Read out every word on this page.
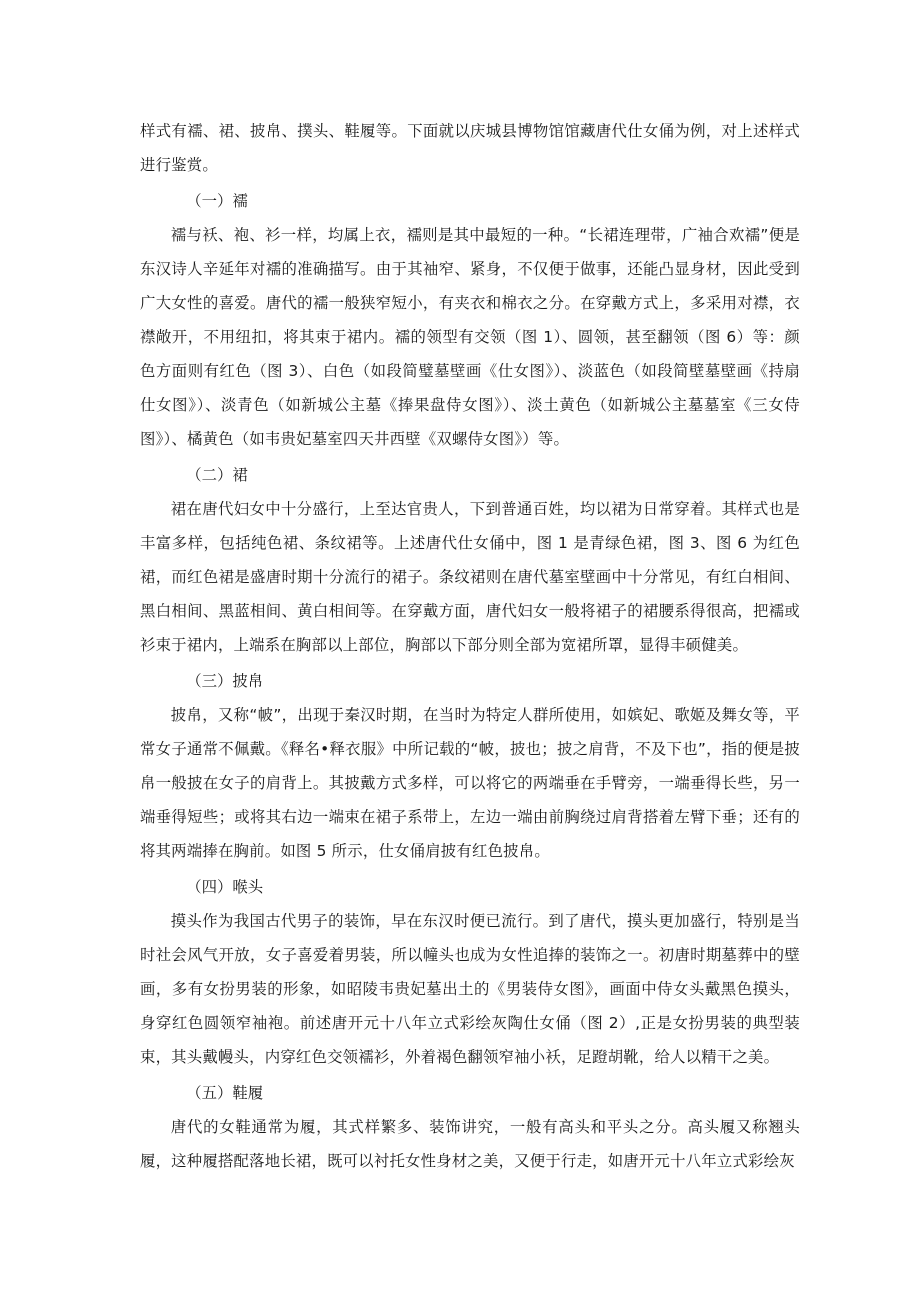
样式有襦、裙、披帛、撲头、鞋履等。下面就以庆城县博物馆馆藏唐代仕女俑为例，对上述样式进行鉴赏。

（一）襦

襦与袄、袍、衫一样，均属上衣，襦则是其中最短的一种。“长裙连理带，广袖合欢襦”便是东汉诗人辛延年对襦的准确描写。由于其袖窄、紧身，不仅便于做事，还能凸显身材，因此受到广大女性的喜爱。唐代的襦一般狭窄短小，有夹衣和棉衣之分。在穿戴方式上，多采用对襟，衣襟敞开，不用纽扣，将其束于裙内。襦的领型有交领（图 1）、圆领，甚至翻领（图 6）等：颜色方面则有红色（图 3）、白色（如段简璧墓壁画《仕女图》）、淡蓝色（如段简壁墓壁画《持扇仕女图》）、淡青色（如新城公主墓《捧果盘侍女图》）、淡土黄色（如新城公主墓墓室《三女侍图》）、橘黄色（如韦贵妃墓室四天井西壁《双螺侍女图》）等。

（二）裙

裙在唐代妇女中十分盛行，上至达官贵人，下到普通百姓，均以裙为日常穿着。其样式也是丰富多样，包括纯色裙、条纹裙等。上述唐代仕女俑中，图 1 是青绿色裙，图 3、图 6 为红色裙，而红色裙是盛唐时期十分流行的裙子。条纹裙则在唐代墓室壁画中十分常见，有红白相间、黑白相间、黑蓝相间、黄白相间等。在穿戴方面，唐代妇女一般将裙子的裙腰系得很高，把襦或衫束于裙内，上端系在胸部以上部位，胸部以下部分则全部为宽裙所罩，显得丰硕健美。

（三）披帛

披帛，又称“帔”，出现于秦汉时期，在当时为特定人群所使用，如嫔妃、歌姬及舞女等，平常女子通常不佩戴。《释名•释衣服》中所记载的“帔，披也；披之肩背，不及下也”，指的便是披帛一般披在女子的肩背上。其披戴方式多样，可以将它的两端垂在手臂旁，一端垂得长些，另一端垂得短些；或将其右边一端束在裙子系带上，左边一端由前胸绕过肩背搭着左臂下垂；还有的将其两端捧在胸前。如图 5 所示，仕女俑肩披有红色披帛。

（四）喉头

摸头作为我国古代男子的装饰，早在东汉时便已流行。到了唐代，摸头更加盛行，特别是当时社会风气开放，女子喜爱着男装，所以幢头也成为女性追捧的装饰之一。初唐时期墓葬中的壁画，多有女扮男装的形象，如昭陵韦贵妃墓出土的《男装侍女图》，画面中侍女头戴黑色摸头，身穿红色圆领窄袖袍。前述唐开元十八年立式彩绘灰陶仕女俑（图 2）,正是女扮男装的典型装束，其头戴幔头，内穿红色交领襦衫，外着褐色翻领窄袖小袄，足蹬胡靴，给人以精干之美。

（五）鞋履

唐代的女鞋通常为履，其式样繁多、装饰讲究，一般有高头和平头之分。高头履又称翘头履，这种履搭配落地长裙，既可以衬托女性身材之美，又便于行走，如唐开元十八年立式彩绘灰
